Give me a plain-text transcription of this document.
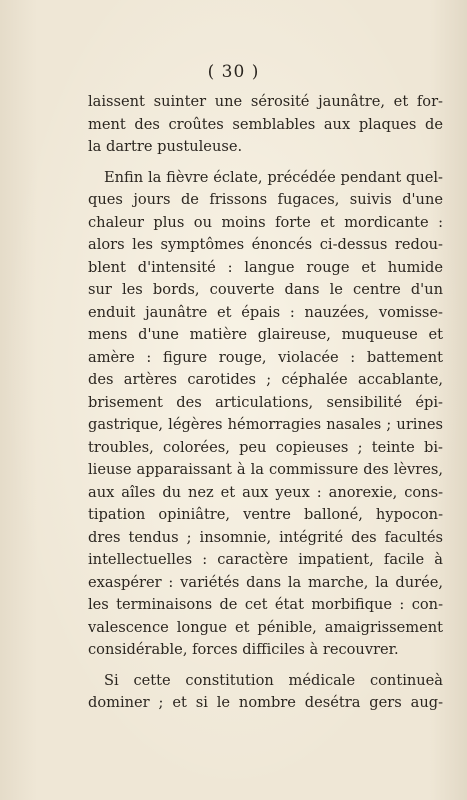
( 30 )
laissent suinter une sérosité jaunâtre, et for-
ment des croûtes semblables aux plaques de
la dartre pustuleuse.
Enfin la fièvre éclate, précédée pendant quel-
ques jours de frissons fugaces, suivis d'une
chaleur plus ou moins forte et mordicante :
alors les symptômes énoncés ci-dessus redou-
blent d'intensité : langue rouge et humide
sur les bords, couverte dans le centre d'un
enduit jaunâtre et épais : nauzées, vomisse-
mens d'une matière glaireuse, muqueuse et
amère : figure rouge, violacée : battement
des artères carotides ; céphalée accablante,
brisement des articulations, sensibilité épi-
gastrique, légères hémorragies nasales ; urines
troubles, colorées, peu copieuses ; teinte bi-
lieuse apparaissant à la commissure des lèvres,
aux aîles du nez et aux yeux : anorexie, cons-
tipation opiniâtre, ventre balloné, hypocon-
dres tendus ; insomnie, intégrité des facultés
intellectuelles : caractère impatient, facile à
exaspérer : variétés dans la marche, la durée,
les terminaisons de cet état morbifique : con-
valescence longue et pénible, amaigrissement
considérable, forces difficiles à recouvrer.
Si cette constitution médicale continueà
dominer ; et si le nombre desétra gers aug-
